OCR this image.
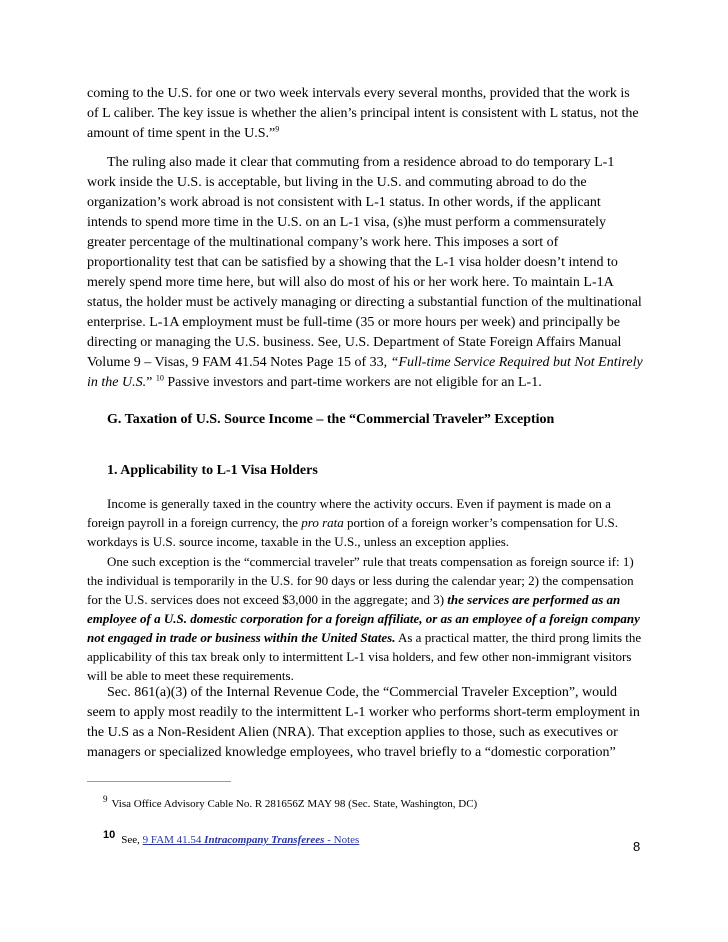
coming to the U.S. for one or two week intervals every several months, provided that the work is of L caliber. The key issue is whether the alien’s principal intent is consistent with L status, not the amount of time spent in the U.S.”$^9$

The ruling also made it clear that commuting from a residence abroad to do temporary L-1 work inside the U.S. is acceptable, but living in the U.S. and commuting abroad to do the organization’s work abroad is not consistent with L-1 status. In other words, if the applicant intends to spend more time in the U.S. on an L-1 visa, (s)he must perform a commensurately greater percentage of the multinational company’s work here. This imposes a sort of proportionality test that can be satisfied by a showing that the L-1 visa holder doesn’t intend to merely spend more time here, but will also do most of his or her work here. To maintain L-1A status, the holder must be actively managing or directing a substantial function of the multinational enterprise. L-1A employment must be full-time (35 or more hours per week) and principally be directing or managing the U.S. business. See, U.S. Department of State Foreign Affairs Manual Volume 9 – Visas, 9 FAM 41.54 Notes Page 15 of 33, “Full-time Service Required but Not Entirely in the U.S.” $^{10}$ Passive investors and part-time workers are not eligible for an L-1.

G. Taxation of U.S. Source Income – the “Commercial Traveler” Exception

1. Applicability to L-1 Visa Holders

Income is generally taxed in the country where the activity occurs. Even if payment is made on a foreign payroll in a foreign currency, the pro rata portion of a foreign worker’s compensation for U.S. workdays is U.S. source income, taxable in the U.S., unless an exception applies.

One such exception is the “commercial traveler” rule that treats compensation as foreign source if: 1) the individual is temporarily in the U.S. for 90 days or less during the calendar year; 2) the compensation for the U.S. services does not exceed $3,000 in the aggregate; and 3) the services are performed as an employee of a U.S. domestic corporation for a foreign affiliate, or as an employee of a foreign company not engaged in trade or business within the United States. As a practical matter, the third prong limits the applicability of this tax break only to intermittent L-1 visa holders, and few other non-immigrant visitors will be able to meet these requirements.

Sec. 861(a)(3) of the Internal Revenue Code, the “Commercial Traveler Exception”, would seem to apply most readily to the intermittent L-1 worker who performs short-term employment in the U.S as a Non-Resident Alien (NRA). That exception applies to those, such as executives or managers or specialized knowledge employees, who travel briefly to a “domestic corporation”

$^9$ Visa Office Advisory Cable No. R 281656Z MAY 98 (Sec. State, Washington, DC)

10 See, 9 FAM 41.54 Intracompany Transferees - Notes	8
